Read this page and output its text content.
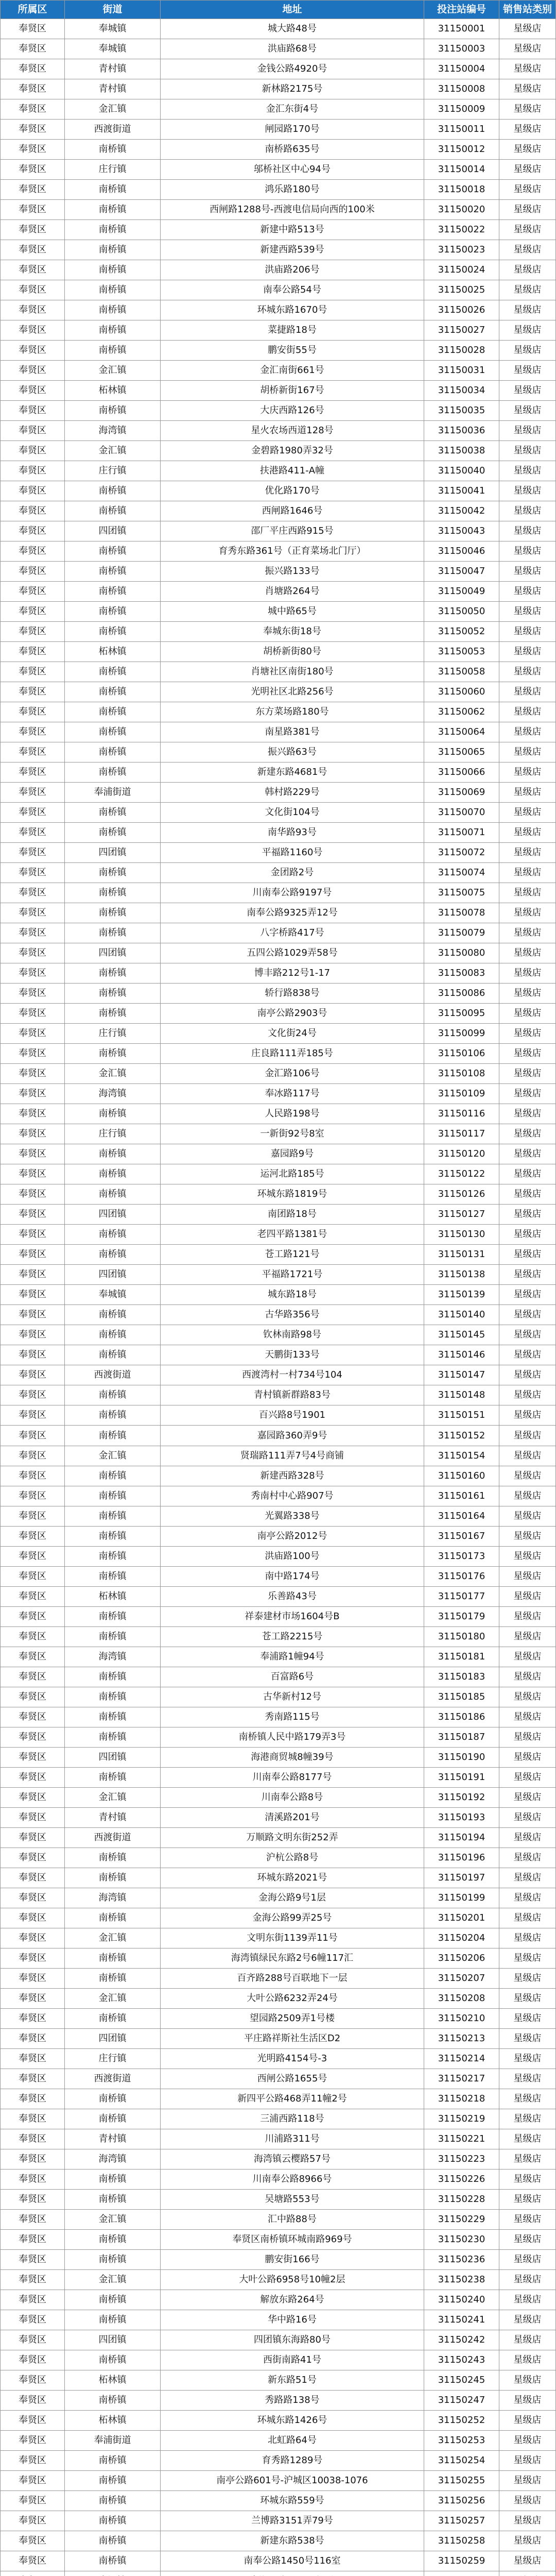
所属区	街道	地址	投注站编号	销售站类别
奉贤区	奉城镇	城大路48号	31150001	星级店
奉贤区	奉城镇	洪庙路68号	31150003	星级店
奉贤区	青村镇	金钱公路4920号	31150004	星级店
奉贤区	青村镇	新林路2175号	31150008	星级店
奉贤区	金汇镇	金汇东街4号	31150009	星级店
奉贤区	西渡街道	闸园路170号	31150011	星级店
奉贤区	南桥镇	南桥路635号	31150012	星级店
奉贤区	庄行镇	邬桥社区中心94号	31150014	星级店
奉贤区	南桥镇	鸿乐路180号	31150018	星级店
奉贤区	南桥镇	西闸路1288号-西渡电信局向西的100米	31150020	星级店
奉贤区	南桥镇	新建中路513号	31150022	星级店
奉贤区	南桥镇	新建西路539号	31150023	星级店
奉贤区	南桥镇	洪庙路206号	31150024	星级店
奉贤区	南桥镇	南奉公路54号	31150025	星级店
奉贤区	南桥镇	环城东路1670号	31150026	星级店
奉贤区	南桥镇	菜捷路18号	31150027	星级店
奉贤区	南桥镇	鹏安街55号	31150028	星级店
奉贤区	金汇镇	金汇南街661号	31150031	星级店
奉贤区	柘林镇	胡桥新街167号	31150034	星级店
奉贤区	南桥镇	大庆西路126号	31150035	星级店
奉贤区	海湾镇	星火农场西道128号	31150036	星级店
奉贤区	金汇镇	金碧路1980弄32号	31150038	星级店
奉贤区	庄行镇	扶港路411-A幢	31150040	星级店
奉贤区	南桥镇	优化路170号	31150041	星级店
奉贤区	南桥镇	西闸路1646号	31150042	星级店
奉贤区	四团镇	邵厂平庄西路915号	31150043	星级店
奉贤区	南桥镇	育秀东路361号（正育菜场北门厅）	31150046	星级店
奉贤区	南桥镇	振兴路133号	31150047	星级店
奉贤区	南桥镇	肖塘路264号	31150049	星级店
奉贤区	南桥镇	城中路65号	31150050	星级店
奉贤区	南桥镇	奉城东街18号	31150052	星级店
奉贤区	柘林镇	胡桥新街80号	31150053	星级店
奉贤区	南桥镇	肖塘社区南街180号	31150058	星级店
奉贤区	南桥镇	光明社区北路256号	31150060	星级店
奉贤区	南桥镇	东方菜场路180号	31150062	星级店
奉贤区	南桥镇	南星路381号	31150064	星级店
奉贤区	南桥镇	振兴路63号	31150065	星级店
奉贤区	南桥镇	新建东路4681号	31150066	星级店
奉贤区	奉浦街道	韩村路229号	31150069	星级店
奉贤区	南桥镇	文化街104号	31150070	星级店
奉贤区	南桥镇	南华路93号	31150071	星级店
奉贤区	四团镇	平福路1160号	31150072	星级店
奉贤区	南桥镇	金团路2号	31150074	星级店
奉贤区	南桥镇	川南奉公路9197号	31150075	星级店
奉贤区	南桥镇	南奉公路9325弄12号	31150078	星级店
奉贤区	南桥镇	八字桥路417号	31150079	星级店
奉贤区	四团镇	五四公路1029弄58号	31150080	星级店
奉贤区	南桥镇	博丰路212号1-17	31150083	星级店
奉贤区	南桥镇	轿行路838号	31150086	星级店
奉贤区	南桥镇	南亭公路2903号	31150095	星级店
奉贤区	庄行镇	文化街24号	31150099	星级店
奉贤区	南桥镇	庄良路111弄185号	31150106	星级店
奉贤区	金汇镇	金汇路106号	31150108	星级店
奉贤区	海湾镇	奉冰路117号	31150109	星级店
奉贤区	南桥镇	人民路198号	31150116	星级店
奉贤区	庄行镇	一新街92号8室	31150117	星级店
奉贤区	南桥镇	嘉园路9号	31150120	星级店
奉贤区	南桥镇	运河北路185号	31150122	星级店
奉贤区	南桥镇	环城东路1819号	31150126	星级店
奉贤区	四团镇	南团路18号	31150127	星级店
奉贤区	南桥镇	老四平路1381号	31150130	星级店
奉贤区	南桥镇	苍工路121号	31150131	星级店
奉贤区	四团镇	平福路1721号	31150138	星级店
奉贤区	奉城镇	城东路18号	31150139	星级店
奉贤区	南桥镇	古华路356号	31150140	星级店
奉贤区	南桥镇	钦林南路98号	31150145	星级店
奉贤区	南桥镇	天鹏街133号	31150146	星级店
奉贤区	西渡街道	西渡湾村一村734号104	31150147	星级店
奉贤区	南桥镇	青村镇新群路83号	31150148	星级店
奉贤区	南桥镇	百兴路8号1901	31150151	星级店
奉贤区	南桥镇	嘉园路360弄9号	31150152	星级店
奉贤区	金汇镇	贤瑞路111弄7号4号商铺	31150154	星级店
奉贤区	南桥镇	新建西路328号	31150160	星级店
奉贤区	南桥镇	秀南村中心路907号	31150161	星级店
奉贤区	南桥镇	光翼路338号	31150164	星级店
奉贤区	南桥镇	南亭公路2012号	31150167	星级店
奉贤区	南桥镇	洪庙路100号	31150173	星级店
奉贤区	南桥镇	南中路174号	31150176	星级店
奉贤区	柘林镇	乐善路43号	31150177	星级店
奉贤区	南桥镇	祥泰建材市场1604号B	31150179	星级店
奉贤区	南桥镇	苍工路2215号	31150180	星级店
奉贤区	海湾镇	奉浦路1幢94号	31150181	星级店
奉贤区	南桥镇	百富路6号	31150183	星级店
奉贤区	南桥镇	古华新村12号	31150185	星级店
奉贤区	南桥镇	秀南路115号	31150186	星级店
奉贤区	南桥镇	南桥镇人民中路179弄3号	31150187	星级店
奉贤区	四团镇	海港商贸城8幢39号	31150190	星级店
奉贤区	南桥镇	川南奉公路8177号	31150191	星级店
奉贤区	金汇镇	川南奉公路8号	31150192	星级店
奉贤区	青村镇	清溪路201号	31150193	星级店
奉贤区	西渡街道	万顺路文明东街252弄	31150194	星级店
奉贤区	南桥镇	沪杭公路8号	31150196	星级店
奉贤区	南桥镇	环城东路2021号	31150197	星级店
奉贤区	海湾镇	金海公路9号1层	31150199	星级店
奉贤区	南桥镇	金海公路99弄25号	31150201	星级店
奉贤区	金汇镇	文明东街1139弄11号	31150204	星级店
奉贤区	南桥镇	海湾镇绿民东路2号6幢117汇	31150206	星级店
奉贤区	南桥镇	百齐路288号百联地下一层	31150207	星级店
奉贤区	金汇镇	大叶公路6232弄24号	31150208	星级店
奉贤区	南桥镇	望园路2509弄1号楼	31150210	星级店
奉贤区	四团镇	平庄路祥斯社生活区D2	31150213	星级店
奉贤区	庄行镇	光明路4154号-3	31150214	星级店
奉贤区	西渡街道	西闸公路1655号	31150217	星级店
奉贤区	南桥镇	新四平公路468弄11幢2号	31150218	星级店
奉贤区	南桥镇	三浦西路118号	31150219	星级店
奉贤区	青村镇	川浦路311号	31150221	星级店
奉贤区	海湾镇	海湾镇云樱路57号	31150223	星级店
奉贤区	南桥镇	川南奉公路8966号	31150226	星级店
奉贤区	南桥镇	吴塘路553号	31150228	星级店
奉贤区	金汇镇	汇中路88号	31150229	星级店
奉贤区	南桥镇	奉贤区南桥镇环城南路969号	31150230	星级店
奉贤区	南桥镇	鹏安街166号	31150236	星级店
奉贤区	金汇镇	大叶公路6958号10幢2层	31150238	星级店
奉贤区	南桥镇	解放东路264号	31150240	星级店
奉贤区	南桥镇	华中路16号	31150241	星级店
奉贤区	四团镇	四团镇东海路80号	31150242	星级店
奉贤区	南桥镇	西街南路41号	31150243	星级店
奉贤区	柘林镇	新东路51号	31150245	星级店
奉贤区	南桥镇	秀路路138号	31150247	星级店
奉贤区	柘林镇	环城东路1426号	31150252	星级店
奉贤区	奉浦街道	北虹路64号	31150253	星级店
奉贤区	南桥镇	育秀路1289号	31150254	星级店
奉贤区	南桥镇	南亭公路601号-沪城区10038-1076	31150255	星级店
奉贤区	南桥镇	环城东路559号	31150256	星级店
奉贤区	南桥镇	兰博路3151弄79号	31150257	星级店
奉贤区	南桥镇	新建东路538号	31150258	星级店
奉贤区	南桥镇	南奉公路1450号116室	31150259	星级店
